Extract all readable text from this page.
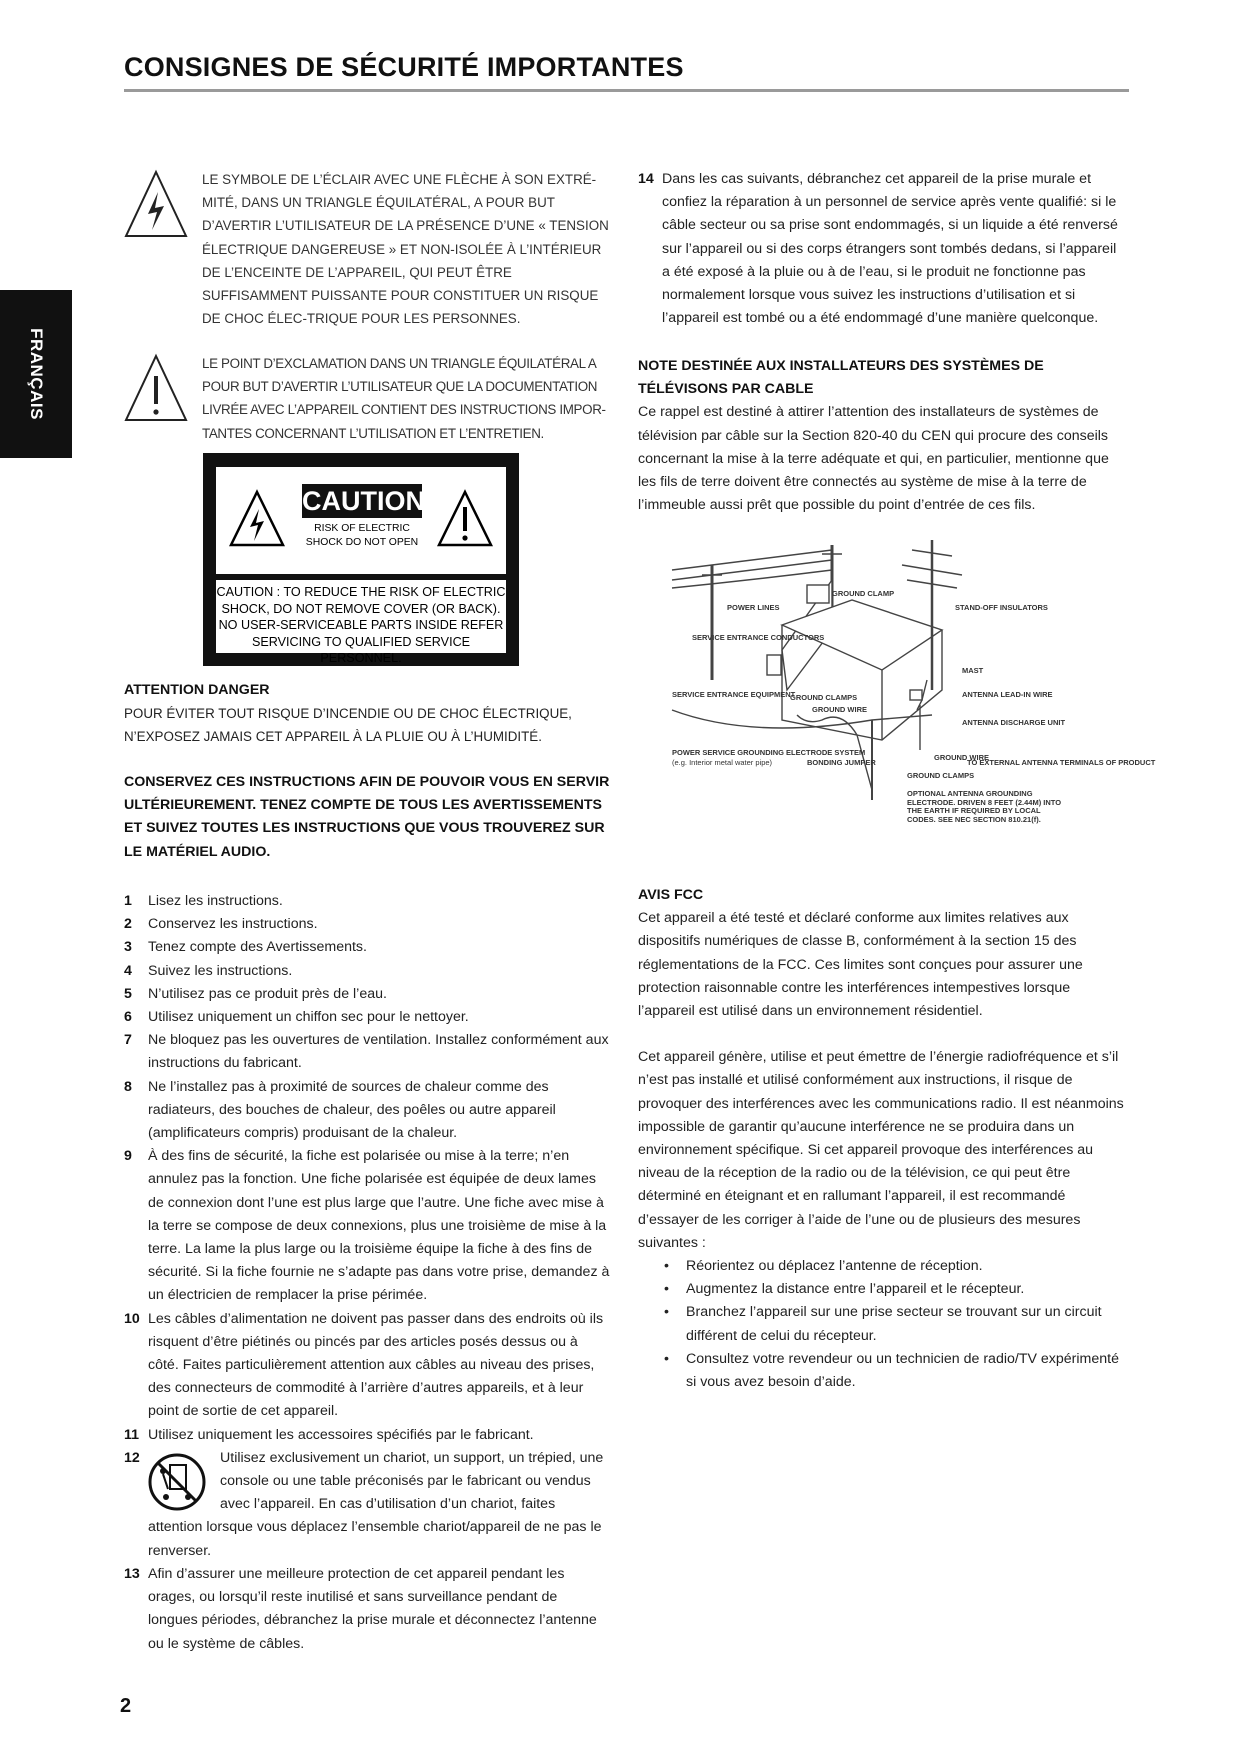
CONSIGNES DE SÉCURITÉ IMPORTANTES
FRANÇAIS
LE SYMBOLE DE L’ÉCLAIR AVEC UNE FLÈCHE À SON EXTRÉ-MITÉ, DANS UN TRIANGLE ÉQUILATÉRAL, A POUR BUT D’AVERTIR L’UTILISATEUR DE LA PRÉSENCE D’UNE « TENSION ÉLECTRIQUE DANGEREUSE » ET NON-ISOLÉE À L’INTÉRIEUR DE L’ENCEINTE DE L’APPAREIL, QUI PEUT ÊTRE SUFFISAMMENT PUISSANTE POUR CONSTITUER UN RISQUE DE CHOC ÉLEC-TRIQUE POUR LES PERSONNES.
LE POINT D’EXCLAMATION DANS UN TRIANGLE ÉQUILATÉRAL A POUR BUT D’AVERTIR L’UTILISATEUR QUE LA DOCUMENTATION LIVRÉE AVEC L’APPAREIL CONTIENT DES INSTRUCTIONS IMPOR-TANTES CONCERNANT L’UTILISATION ET L’ENTRETIEN.
CAUTION
RISK OF ELECTRIC SHOCK DO NOT OPEN
CAUTION : TO REDUCE THE RISK OF ELECTRIC SHOCK, DO NOT REMOVE COVER (OR BACK). NO USER-SERVICEABLE PARTS INSIDE REFER SERVICING TO QUALIFIED SERVICE PERSONNEL.

ATTENTION DANGER

POUR ÉVITER TOUT RISQUE D’INCENDIE OU DE CHOC ÉLECTRIQUE, N’EXPOSEZ JAMAIS CET APPAREIL À LA PLUIE OU À L’HUMIDITÉ.

CONSERVEZ CES INSTRUCTIONS AFIN DE POUVOIR VOUS EN SERVIR ULTÉRIEUREMENT. TENEZ COMPTE DE TOUS LES AVERTISSEMENTS ET SUIVEZ TOUTES LES INSTRUCTIONS QUE VOUS TROUVEREZ SUR LE MATÉRIEL AUDIO.

1 Lisez les instructions.
2 Conservez les instructions.
3 Tenez compte des Avertissements.
4 Suivez les instructions.
5 N’utilisez pas ce produit près de l’eau.
6 Utilisez uniquement un chiffon sec pour le nettoyer.
7 Ne bloquez pas les ouvertures de ventilation. Installez conformément aux instructions du fabricant.
8 Ne l’installez pas à proximité de sources de chaleur comme des radiateurs, des bouches de chaleur, des poêles ou autre appareil (amplificateurs compris) produisant de la chaleur.
9 À des fins de sécurité, la fiche est polarisée ou mise à la terre; n’en annulez pas la fonction. Une fiche polarisée est équipée de deux lames de connexion dont l’une est plus large que l’autre. Une fiche avec mise à la terre se compose de deux connexions, plus une troisième de mise à la terre. La lame la plus large ou la troisième équipe la fiche à des fins de sécurité. Si la fiche fournie ne s’adapte pas dans votre prise, demandez à un électricien de remplacer la prise périmée.
10 Les câbles d’alimentation ne doivent pas passer dans des endroits où ils risquent d’être piétinés ou pincés par des articles posés dessus ou à côté. Faites particulièrement attention aux câbles au niveau des prises, des connecteurs de commodité à l’arrière d’autres appareils, et à leur point de sortie de cet appareil.
11 Utilisez uniquement les accessoires spécifiés par le fabricant.
12	Utilisez exclusivement un chariot, un support, un trépied, une console ou une table préconisés par le fabricant ou vendus avec l’appareil. En cas d’utilisation d’un chariot, faites attention lorsque vous déplacez l’ensemble chariot/appareil de ne pas le renverser.
13 Afin d’assurer une meilleure protection de cet appareil pendant les orages, ou lorsqu’il reste inutilisé et sans surveillance pendant de longues périodes, débranchez la prise murale et déconnectez l’antenne ou le système de câbles.
14 Dans les cas suivants, débranchez cet appareil de la prise murale et confiez la réparation à un personnel de service après vente qualifié: si le câble secteur ou sa prise sont endommagés, si un liquide a été renversé sur l’appareil ou si des corps étrangers sont tombés dedans, si l’appareil a été exposé à la pluie ou à de l’eau, si le produit ne fonctionne pas normalement lorsque vous suivez les instructions d’utilisation et si l’appareil est tombé ou a été endommagé d’une manière quelconque.

NOTE DESTINÉE AUX INSTALLATEURS DES SYSTÈMES DE TÉLÉVISONS PAR CABLE

Ce rappel est destiné à attirer l’attention des installateurs de systèmes de télévision par câble sur la Section 820-40 du CEN qui procure des conseils concernant la mise à la terre adéquate et qui, en particulier, mentionne que les fils de terre doivent être connectés au système de mise à la terre de l’immeuble aussi prêt que possible du point d’entrée de ces fils.

GROUND CLAMP
POWER LINES	STAND-OFF INSULATORS
SERVICE ENTRANCE CONDUCTORS
MAST
SERVICE ENTRANCE EQUIPMENT
GROUND CLAMPS
GROUND WIRE
ANTENNA LEAD-IN WIRE
ANTENNA DISCHARGE UNIT
POWER SERVICE GROUNDING ELECTRODE SYSTEM
(e.g. Interior metal water pipe)	BONDING JUMPER
GROUND WIRE
GROUND CLAMPS
TO EXTERNAL ANTENNA TERMINALS OF PRODUCT
OPTIONAL ANTENNA GROUNDING ELECTRODE. DRIVEN 8 FEET (2.44M) INTO THE EARTH IF REQUIRED BY LOCAL CODES. SEE NEC SECTION 810.21(f).

AVIS FCC

Cet appareil a été testé et déclaré conforme aux limites relatives aux dispositifs numériques de classe B, conformément à la section 15 des réglementations de la FCC. Ces limites sont conçues pour assurer une protection raisonnable contre les interférences intempestives lorsque l’appareil est utilisé dans un environnement résidentiel.

Cet appareil génère, utilise et peut émettre de l’énergie radiofréquence et s’il n’est pas installé et utilisé conformément aux instructions, il risque de provoquer des interférences avec les communications radio. Il est néanmoins impossible de garantir qu’aucune interférence ne se produira dans un environnement spécifique. Si cet appareil provoque des interférences au niveau de la réception de la radio ou de la télévision, ce qui peut être déterminé en éteignant et en rallumant l’appareil, il est recommandé d’essayer de les corriger à l’aide de l’une ou de plusieurs des mesures suivantes :

• Réorientez ou déplacez l’antenne de réception.
• Augmentez la distance entre l’appareil et le récepteur.
• Branchez l’appareil sur une prise secteur se trouvant sur un circuit différent de celui du récepteur.
• Consultez votre revendeur ou un technicien de radio/TV expérimenté si vous avez besoin d’aide.
2
